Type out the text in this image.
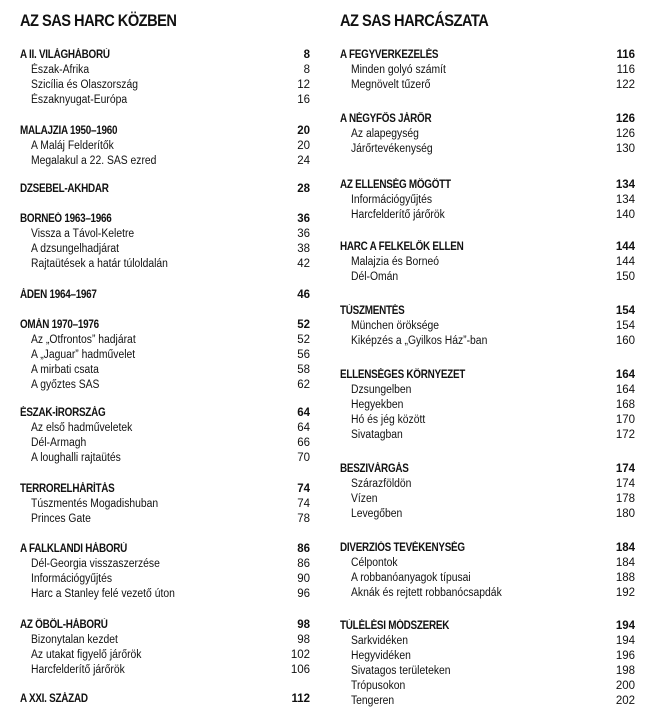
AZ SAS HARC KÖZBEN
A II. VILÁGHÁBORÚ	8
Észak-Afrika	8
Szicília és Olaszország	12
Északnyugat-Európa	16
MALAJZIA 1950–1960	20
A Maláj Felderítők	20
Megalakul a 22. SAS ezred	24
DZSEBEL-AKHDAR	28
BORNEÓ 1963–1966	36
Vissza a Távol-Keletre	36
A dzsungelhadjárat	38
Rajtaütések a határ túloldalán	42
ÁDEN 1964–1967	46
OMÁN 1970–1976	52
Az „Ötfrontos” hadjárat	52
A „Jaguar” hadművelet	56
A mirbati csata	58
A győztes SAS	62
ÉSZAK-ÍRORSZÁG	64
Az első hadműveletek	64
Dél-Armagh	66
A loughalli rajtaütés	70
TERRORELHÁRÍTÁS	74
Túszmentés Mogadishuban	74
Princes Gate	78
A FALKLANDI HÁBORÚ	86
Dél-Georgia visszaszerzése	86
Információgyűjtés	90
Harc a Stanley felé vezető úton	96
AZ ÖBÖL-HÁBORÚ	98
Bizonytalan kezdet	98
Az utakat figyelő járőrök	102
Harcfelderítő járőrök	106
A XXI. SZÁZAD	112
AZ SAS HARCÁSZATA
A FEGYVERKEZELÉS	116
Minden golyó számít	116
Megnövelt tűzerő	122
A NÉGYFŐS JÁRŐR	126
Az alapegység	126
Járőrtevékenység	130
AZ ELLENSÉG MÖGÖTT	134
Információgyűjtés	134
Harcfelderítő járőrök	140
HARC A FELKELŐK ELLEN	144
Malajzia és Borneó	144
Dél-Omán	150
TÚSZMENTÉS	154
München öröksége	154
Kiképzés a „Gyilkos Ház”-ban	160
ELLENSÉGES KÖRNYEZET	164
Dzsungelben	164
Hegyekben	168
Hó és jég között	170
Sivatagban	172
BESZIVÁRGÁS	174
Szárazföldön	174
Vízen	178
Levegőben	180
DIVERZIÓS TEVÉKENYSÉG	184
Célpontok	184
A robbanóanyagok típusai	188
Aknák és rejtett robbanócsapdák	192
TÚLÉLÉSI MÓDSZEREK	194
Sarkvidéken	194
Hegyvidéken	196
Sivatagos területeken	198
Trópusokon	200
Tengeren	202
